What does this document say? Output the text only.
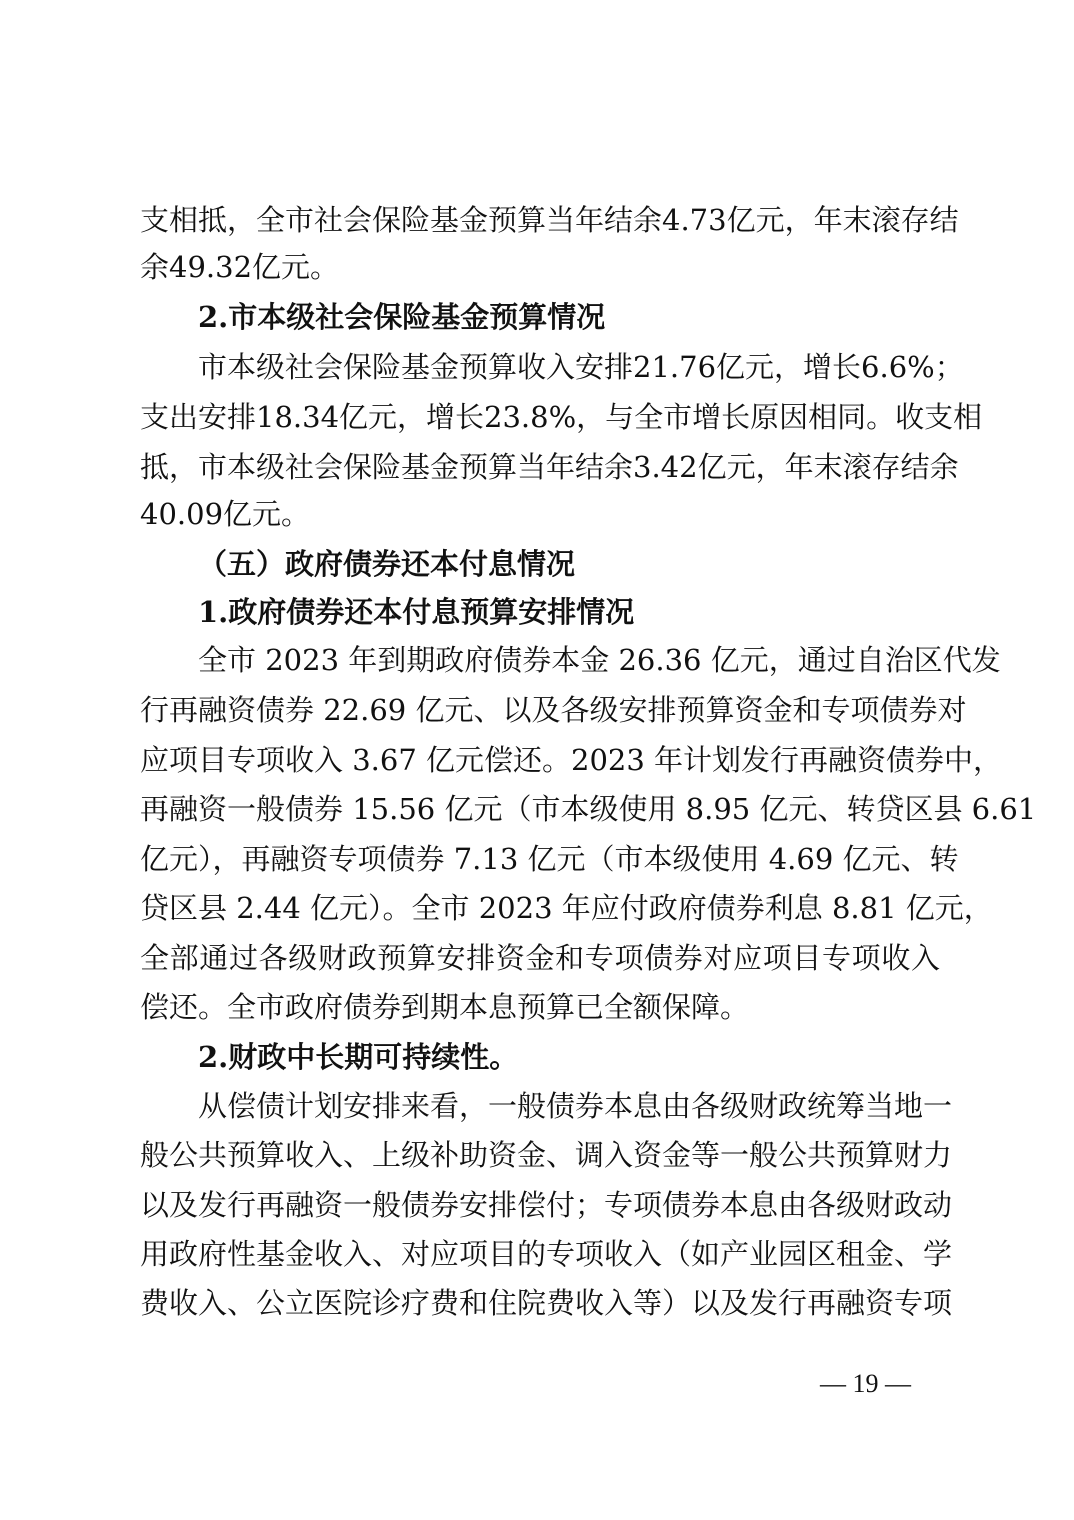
支相抵，全市社会保险基金预算当年结余4.73亿元，年末滚存结
余49.32亿元。
2.市本级社会保险基金预算情况
市本级社会保险基金预算收入安排21.76亿元，增长6.6%；
支出安排18.34亿元，增长23.8%，与全市增长原因相同。收支相
抵，市本级社会保险基金预算当年结余3.42亿元，年末滚存结余
40.09亿元。
（五）政府债券还本付息情况
1.政府债券还本付息预算安排情况
全市 2023 年到期政府债券本金 26.36 亿元，通过自治区代发
行再融资债券 22.69 亿元、以及各级安排预算资金和专项债券对
应项目专项收入 3.67 亿元偿还。2023 年计划发行再融资债券中，
再融资一般债券 15.56 亿元（市本级使用 8.95 亿元、转贷区县 6.61
亿元），再融资专项债券 7.13 亿元（市本级使用 4.69 亿元、转
贷区县 2.44 亿元）。全市 2023 年应付政府债券利息 8.81 亿元，
全部通过各级财政预算安排资金和专项债券对应项目专项收入
偿还。全市政府债券到期本息预算已全额保障。
2.财政中长期可持续性。
从偿债计划安排来看，一般债券本息由各级财政统筹当地一
般公共预算收入、上级补助资金、调入资金等一般公共预算财力
以及发行再融资一般债券安排偿付；专项债券本息由各级财政动
用政府性基金收入、对应项目的专项收入（如产业园区租金、学
费收入、公立医院诊疗费和住院费收入等）以及发行再融资专项
— 19 —
